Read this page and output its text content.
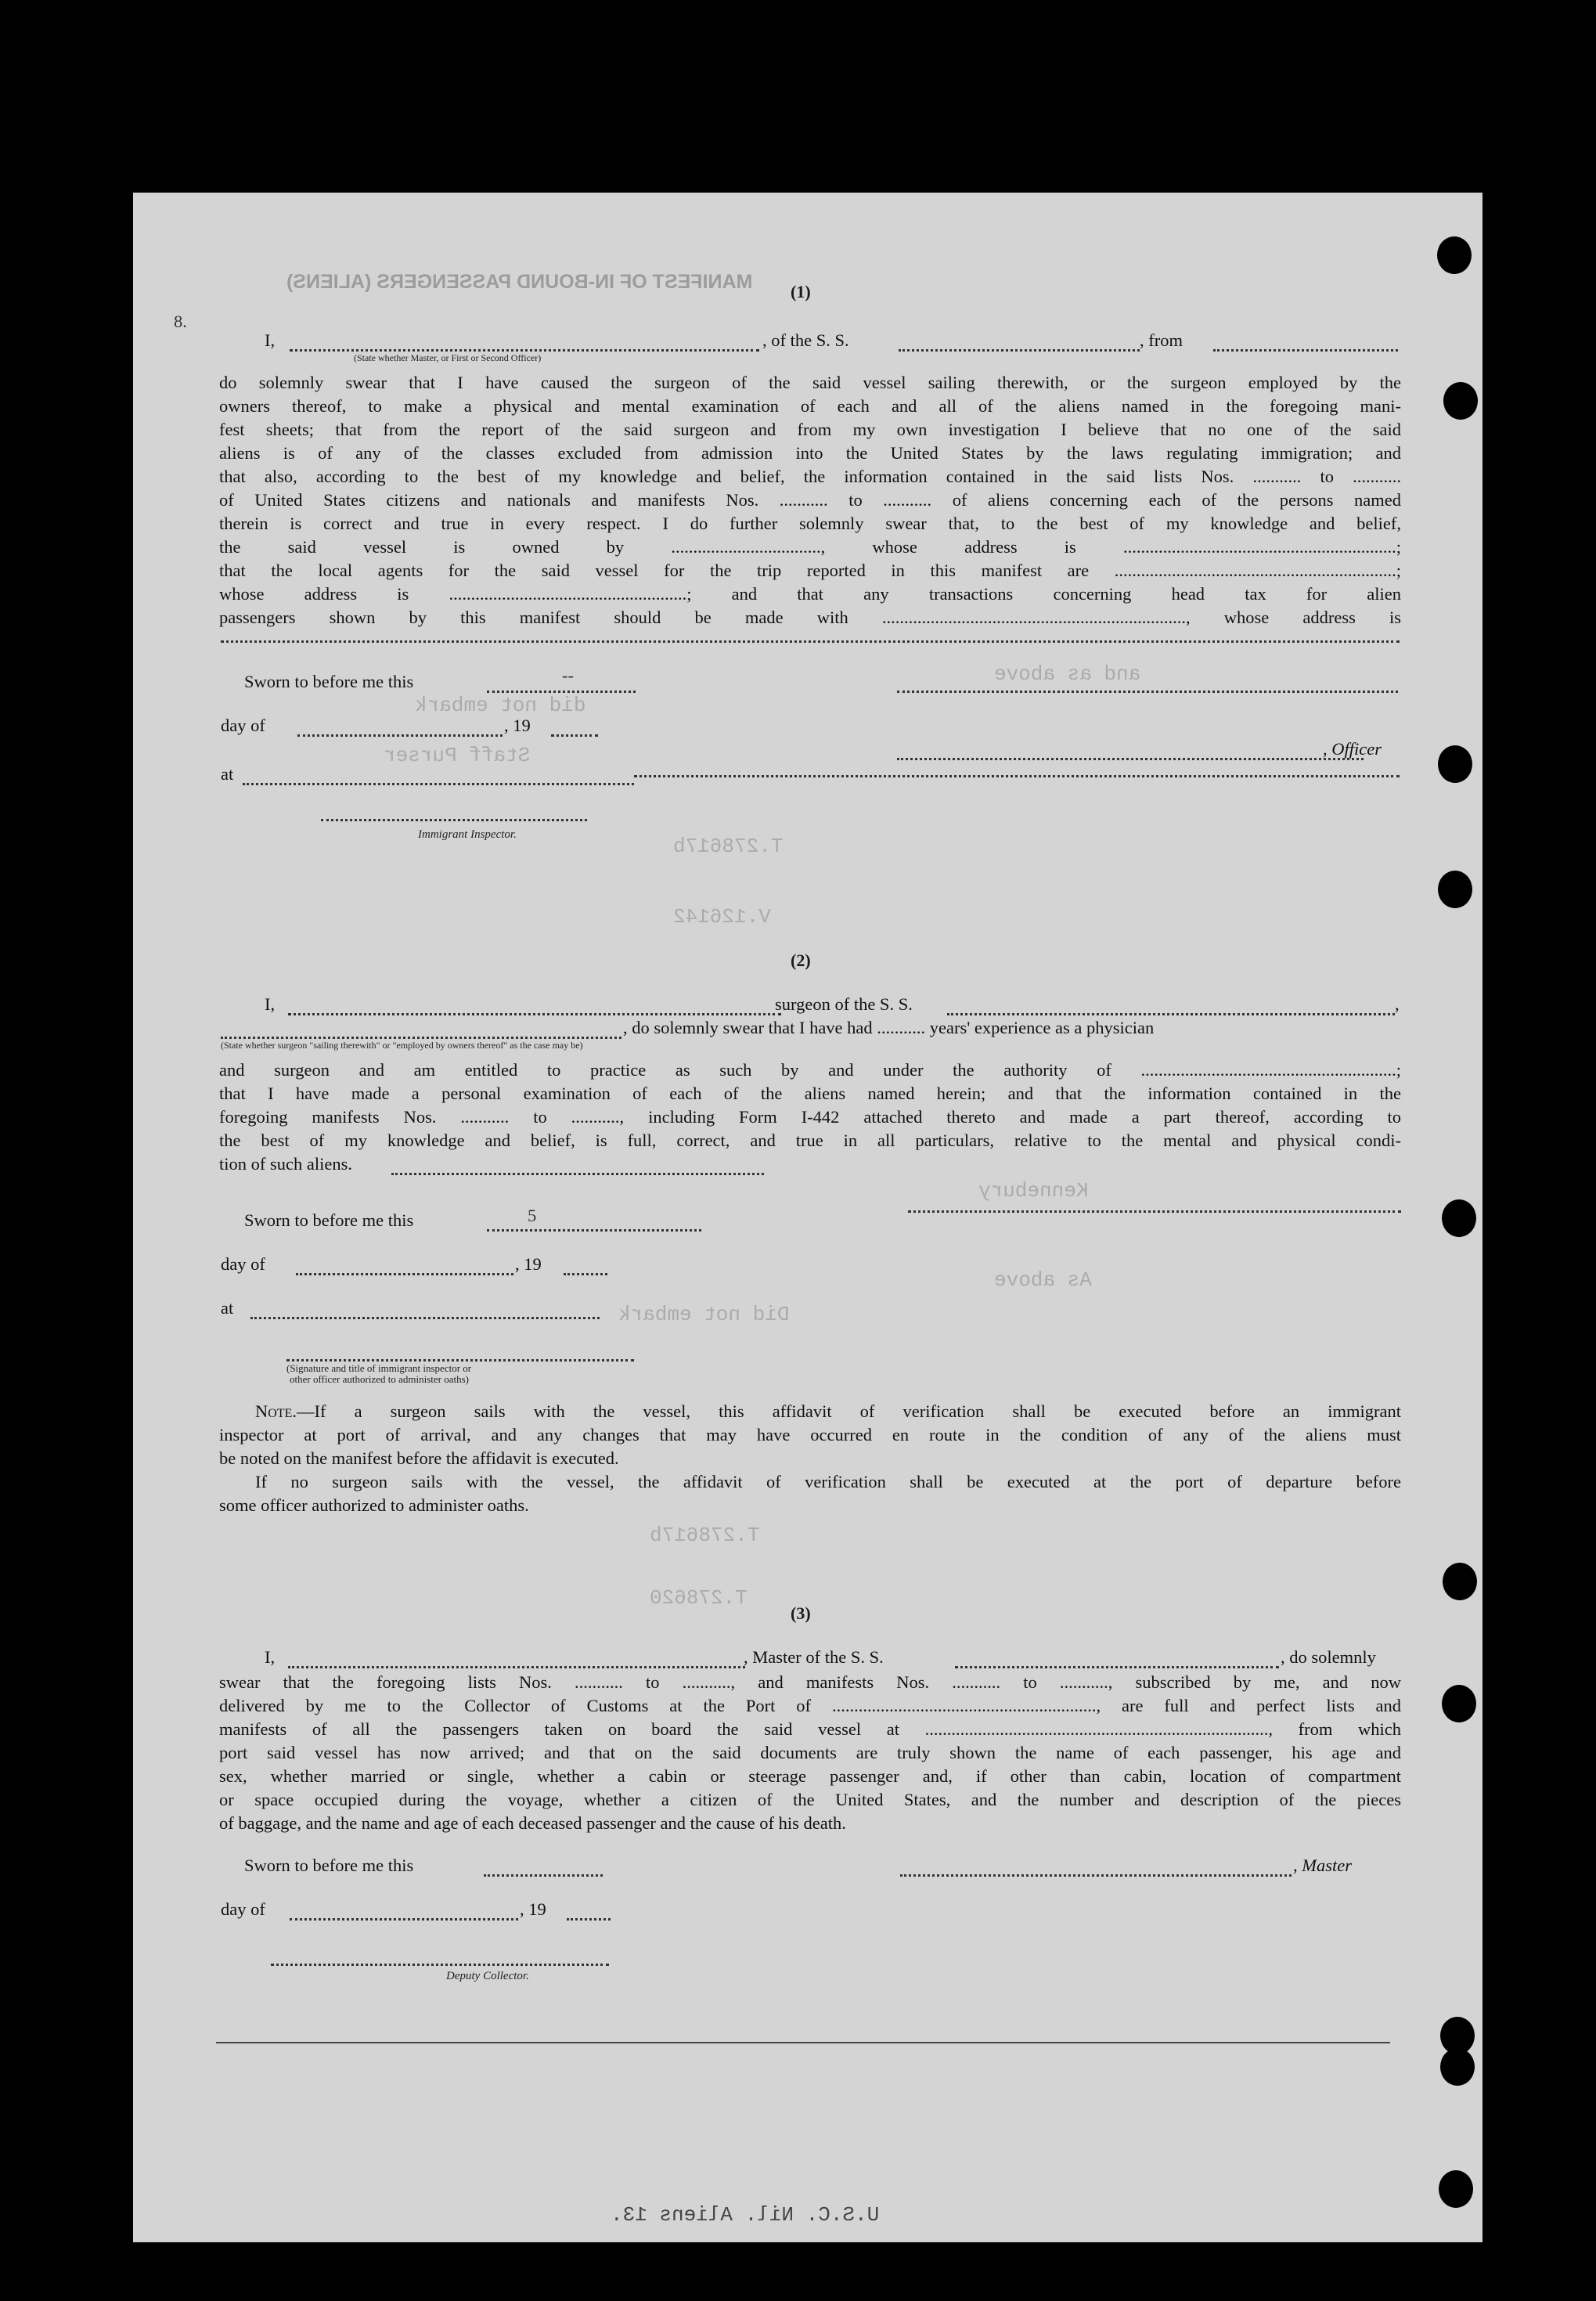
MANIFEST OF IN-BOUND PASSENGERS (ALIENS)
and as above
did not embark
Staff Purser
T.278617b
V.126142
Kennebury
As above
Did not embark
T.278617b
T.278620
(1)
8.
I,	, of the S. S.	, from
(State whether Master, or First or Second Officer)
do solemnly swear that I have caused the surgeon of the said vessel sailing therewith, or the surgeon employed by the
owners thereof, to make a physical and mental examination of each and all of the aliens named in the foregoing mani-
fest sheets; that from the report of the said surgeon and from my own investigation I believe that no one of the said
aliens is of any of the classes excluded from admission into the United States by the laws regulating immigration; and
that also, according to the best of my knowledge and belief, the information contained in the said lists Nos. ........... to ...........
of United States citizens and nationals and manifests Nos. ........... to ........... of aliens concerning each of the persons named
therein is correct and true in every respect. I do further solemnly swear that, to the best of my knowledge and belief,
the said vessel is owned by .................................., whose address is ..............................................................;
that the local agents for the said vessel for the trip reported in this manifest are ................................................................;
whose address is ......................................................; and that any transactions concerning head tax for alien
passengers shown by this manifest should be made with ....................................................................., whose address is
Sworn to before me this	--
day of	, 19
, Officer
at
Immigrant Inspector.
(2)
I,	surgeon of the S. S.	,
, do solemnly swear that I have had ........... years' experience as a physician
(State whether surgeon "sailing therewith" or "employed by owners thereof" as the case may be)
and surgeon and am entitled to practice as such by and under the authority of ..........................................................;
that I have made a personal examination of each of the aliens named herein; and that the information contained in the
foregoing manifests Nos. ........... to ..........., including Form I-442 attached thereto and made a part thereof, according to
the best of my knowledge and belief, is full, correct, and true in all particulars, relative to the mental and physical condi-
tion of such aliens.
Sworn to before me this	5
day of	, 19
at
(Signature and title of immigrant inspector or
other officer authorized to administer oaths)
Note.—If a surgeon sails with the vessel, this affidavit of verification shall be executed before an immigrant
inspector at port of arrival, and any changes that may have occurred en route in the condition of any of the aliens must
be noted on the manifest before the affidavit is executed.
If no surgeon sails with the vessel, the affidavit of verification shall be executed at the port of departure before
some officer authorized to administer oaths.
(3)
I,	, Master of the S. S.	, do solemnly
swear that the foregoing lists Nos. ........... to ..........., and manifests Nos. ........... to ..........., subscribed by me, and now
delivered by me to the Collector of Customs at the Port of ............................................................, are full and perfect lists and
manifests of all the passengers taken on board the said vessel at .............................................................................., from which
port said vessel has now arrived; and that on the said documents are truly shown the name of each passenger, his age and
sex, whether married or single, whether a cabin or steerage passenger and, if other than cabin, location of compartment
or space occupied during the voyage, whether a citizen of the United States, and the number and description of the pieces
of baggage, and the name and age of each deceased passenger and the cause of his death.
Sworn to before me this	, Master
day of	, 19
Deputy Collector.
U.S.C. Nil. Aliens 13.
